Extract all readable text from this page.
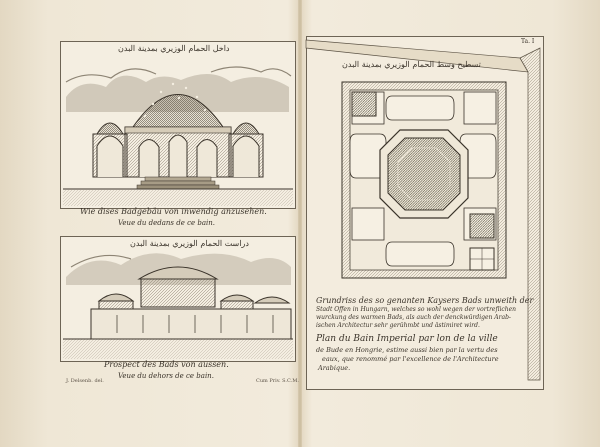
داخل الحمام الوزيري بمدينة البدن
Wie dises Badgebäu von inwendig anzusehen.
Veue du dedans de ce bain.
دراست الحمام الوزيري بمدينة البدن
Prospect des Bads von aussen.
Veue du dehors de ce bain.
J. Delsenb. del.	Cum Priv. S.C.M.
Ta. I
تسطيح وسط الحمام الوزيري بمدينة البدن
Grundriss des so genanten Kaysers Bads unweith der
Stadt Offen in Hungarn, welches so wohl wegen der vortreflichen
wurckung des warmen Bads, als auch der denckwürdigen Arab-
ischen Architectur sehr gerühmbt und ästimiret wird.
Plan du Bain Imperial par lon de la ville
de Bude en Hongrie, estime aussi bien par la vertu des
eaux, que renommé par l'excellence de l'Architecture
Arabique.
